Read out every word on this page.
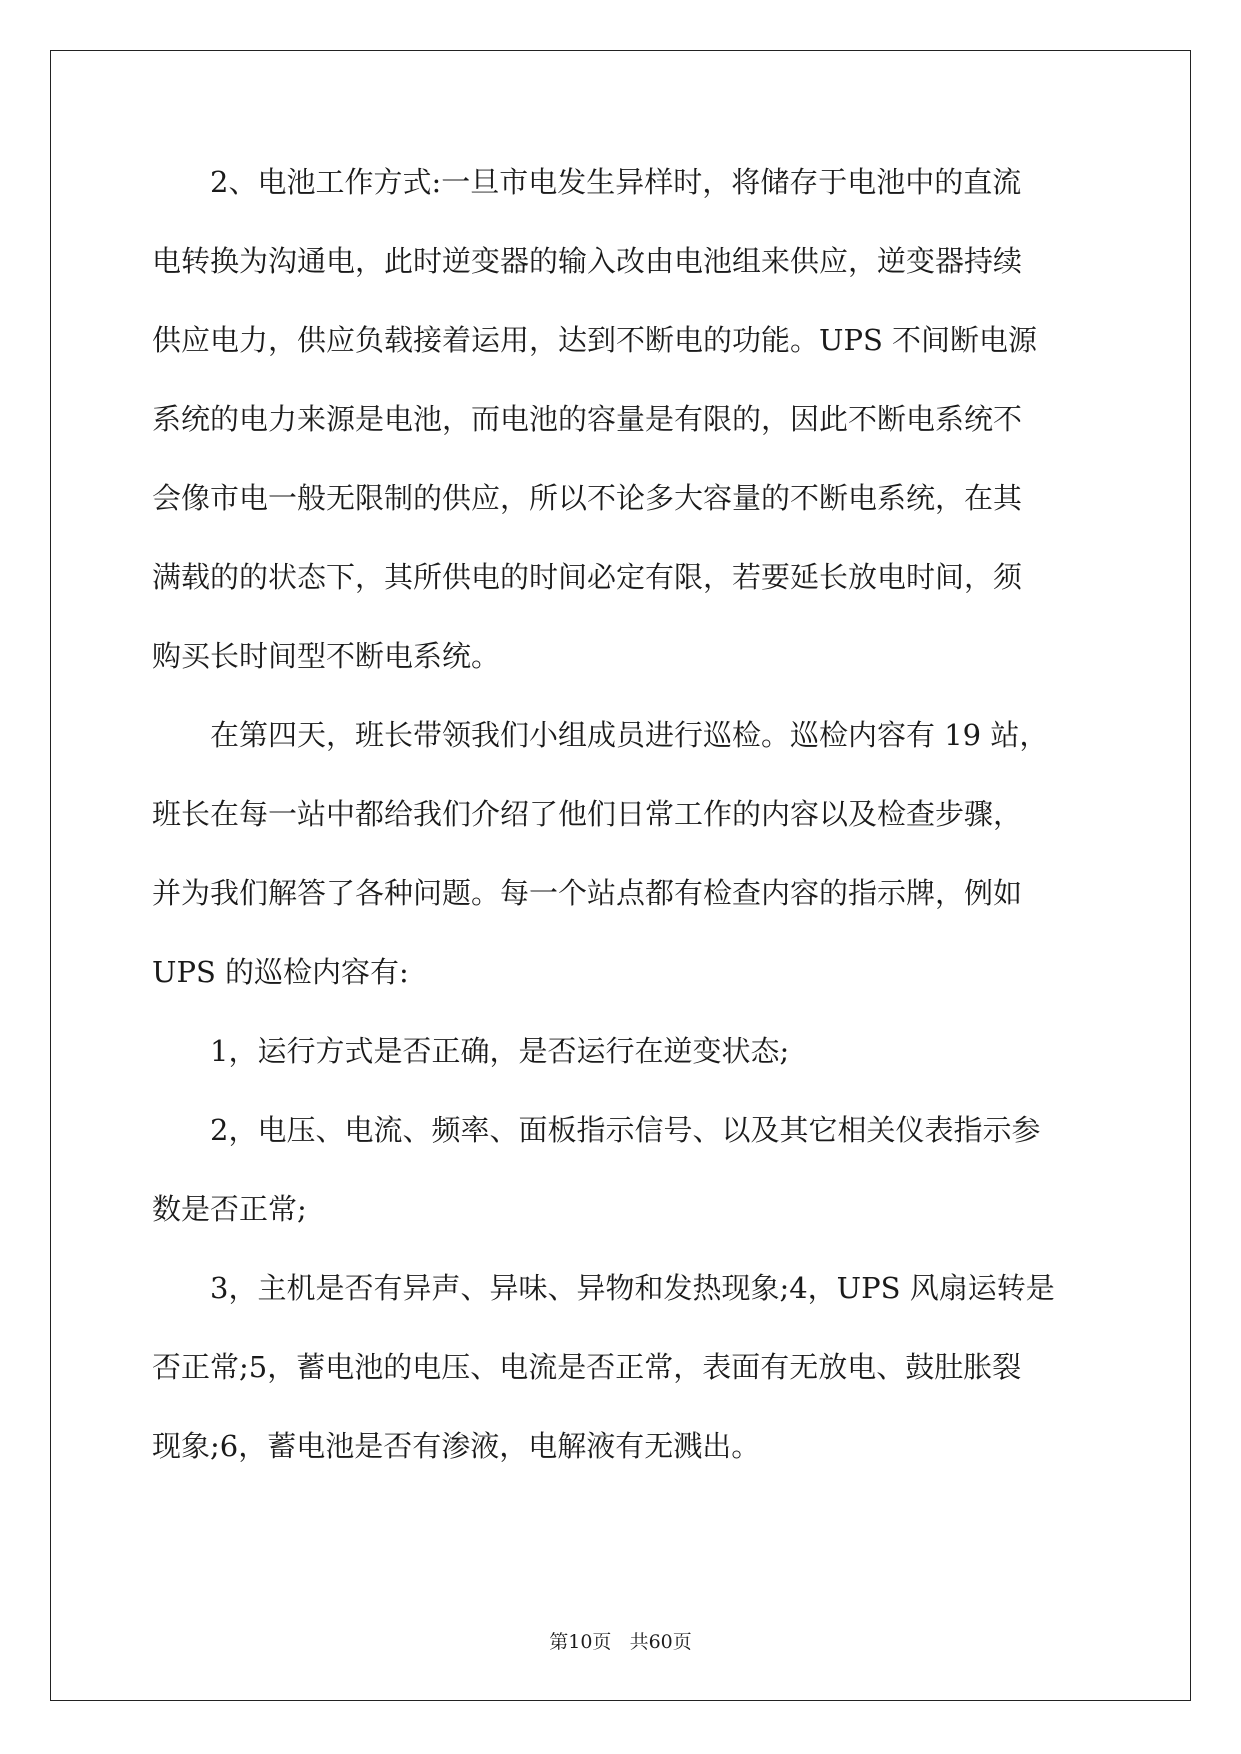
2、电池工作方式:一旦市电发生异样时，将储存于电池中的直流
电转换为沟通电，此时逆变器的输入改由电池组来供应，逆变器持续
供应电力，供应负载接着运用，达到不断电的功能。UPS 不间断电源
系统的电力来源是电池，而电池的容量是有限的，因此不断电系统不
会像市电一般无限制的供应，所以不论多大容量的不断电系统，在其
满载的的状态下，其所供电的时间必定有限，若要延长放电时间，须
购买长时间型不断电系统。
在第四天，班长带领我们小组成员进行巡检。巡检内容有 19 站，
班长在每一站中都给我们介绍了他们日常工作的内容以及检查步骤，
并为我们解答了各种问题。每一个站点都有检查内容的指示牌，例如
UPS 的巡检内容有:
1，运行方式是否正确，是否运行在逆变状态;
2，电压、电流、频率、面板指示信号、以及其它相关仪表指示参
数是否正常;
3，主机是否有异声、异味、异物和发热现象;4，UPS 风扇运转是
否正常;5，蓄电池的电压、电流是否正常，表面有无放电、鼓肚胀裂
现象;6，蓄电池是否有渗液，电解液有无溅出。
第10页 共60页
